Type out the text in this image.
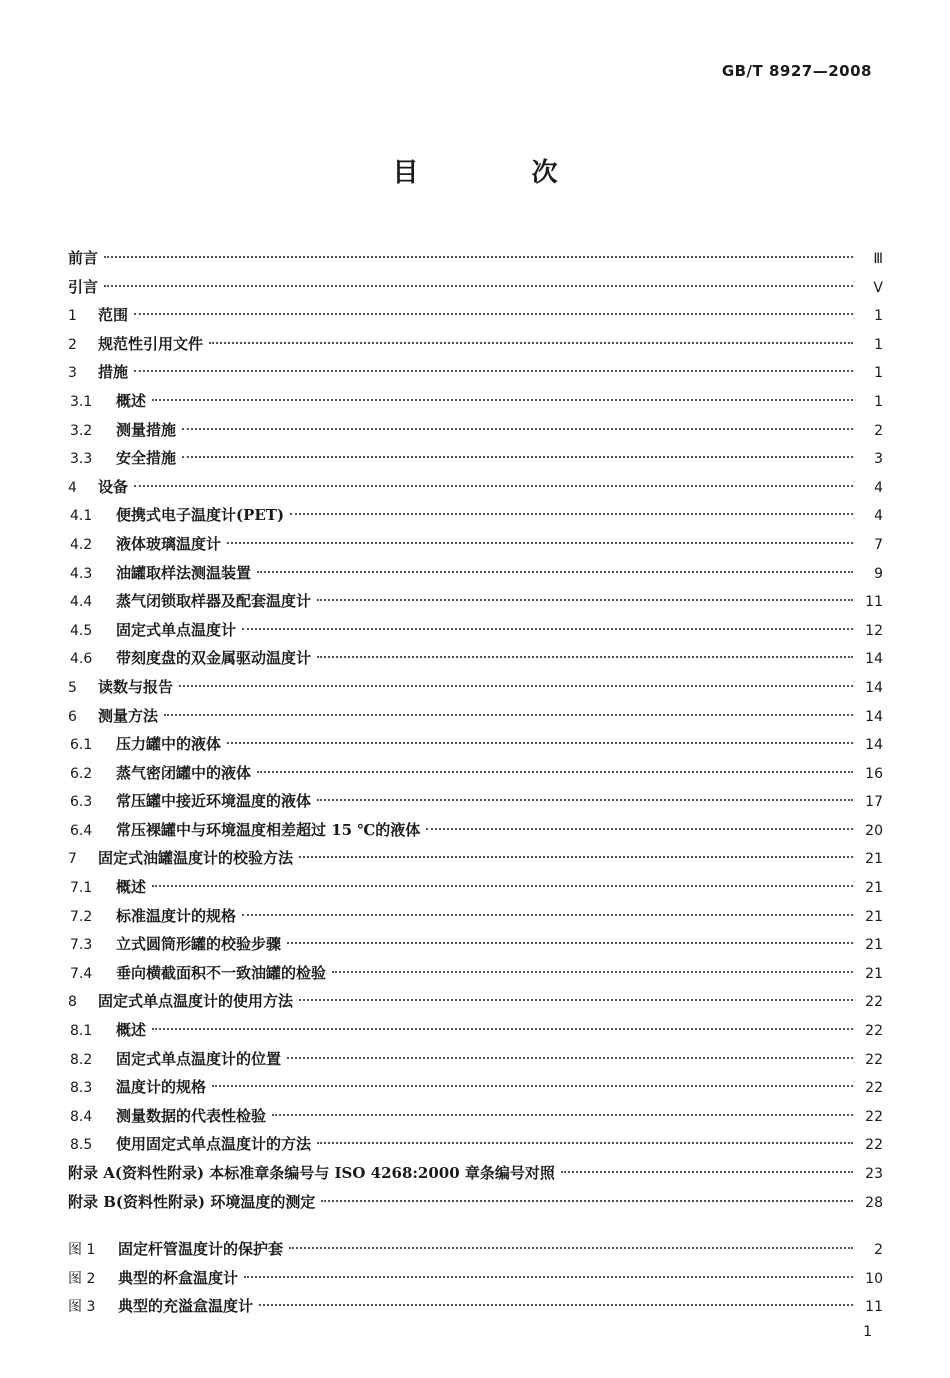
GB/T 8927—2008
目 次
前言	Ⅲ
引言	Ⅴ
1	范围	1
2	规范性引用文件	1
3	措施	1
3.1	概述	1
3.2	测量措施	2
3.3	安全措施	3
4	设备	4
4.1	便携式电子温度计(PET)	4
4.2	液体玻璃温度计	7
4.3	油罐取样法测温装置	9
4.4	蒸气闭锁取样器及配套温度计	11
4.5	固定式单点温度计	12
4.6	带刻度盘的双金属驱动温度计	14
5	读数与报告	14
6	测量方法	14
6.1	压力罐中的液体	14
6.2	蒸气密闭罐中的液体	16
6.3	常压罐中接近环境温度的液体	17
6.4	常压裸罐中与环境温度相差超过 15 ℃的液体	20
7	固定式油罐温度计的校验方法	21
7.1	概述	21
7.2	标准温度计的规格	21
7.3	立式圆筒形罐的校验步骤	21
7.4	垂向横截面积不一致油罐的检验	21
8	固定式单点温度计的使用方法	22
8.1	概述	22
8.2	固定式单点温度计的位置	22
8.3	温度计的规格	22
8.4	测量数据的代表性检验	22
8.5	使用固定式单点温度计的方法	22
附录 A(资料性附录) 本标准章条编号与 ISO 4268:2000 章条编号对照	23
附录 B(资料性附录) 环境温度的测定	28
图 1	固定杆管温度计的保护套	2
图 2	典型的杯盒温度计	10
图 3	典型的充溢盒温度计	11
1
